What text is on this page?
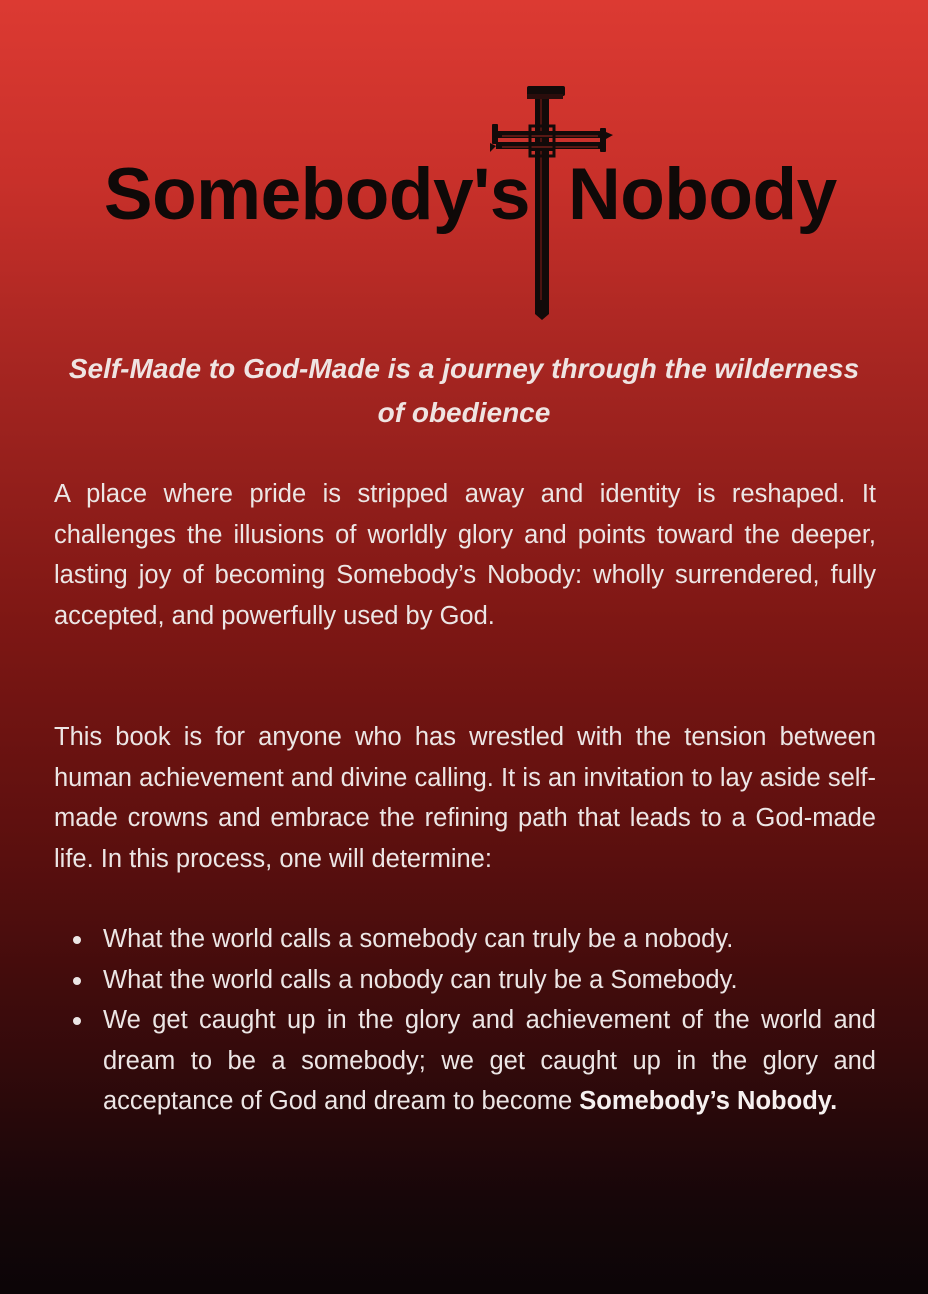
Somebody's Nobody

Self-Made to God-Made is a journey through the wilderness of obedience

A place where pride is stripped away and identity is reshaped. It challenges the illusions of worldly glory and points toward the deeper, lasting joy of becoming Somebody’s Nobody: wholly surrendered, fully accepted, and powerfully used by God.

This book is for anyone who has wrestled with the tension between human achievement and divine calling. It is an invitation to lay aside self-made crowns and embrace the refining path that leads to a God-made life. In this process, one will determine:

What the world calls a somebody can truly be a nobody.
What the world calls a nobody can truly be a Somebody.
We get caught up in the glory and achievement of the world and dream to be a somebody; we get caught up in the glory and acceptance of God and dream to become Somebody’s Nobody.
